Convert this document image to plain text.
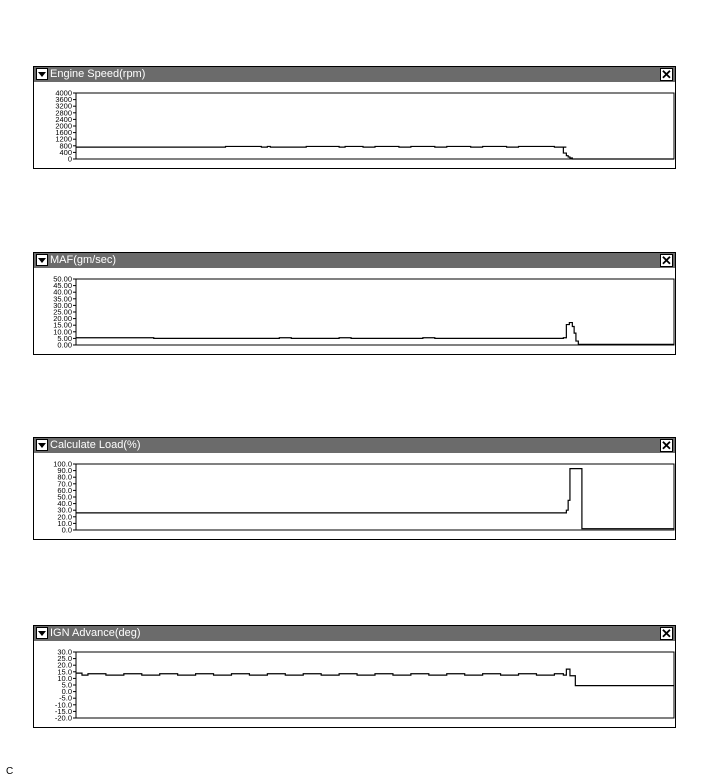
Engine Speed(rpm)	✕
4000
3600
3200
2800
2400
2000
1600
1200
800
400
0
MAF(gm/sec)	✕
50.00
45.00
40.00
35.00
30.00
25.00
20.00
15.00
10.00
5.00
0.00
Calculate Load(%)	✕
100.0
90.0
80.0
70.0
60.0
50.0
40.0
30.0
20.0
10.0
0.0
IGN Advance(deg)	✕
30.0
25.0
20.0
15.0
10.0
5.0
0.0
-5.0
-10.0
-15.0
-20.0
C
